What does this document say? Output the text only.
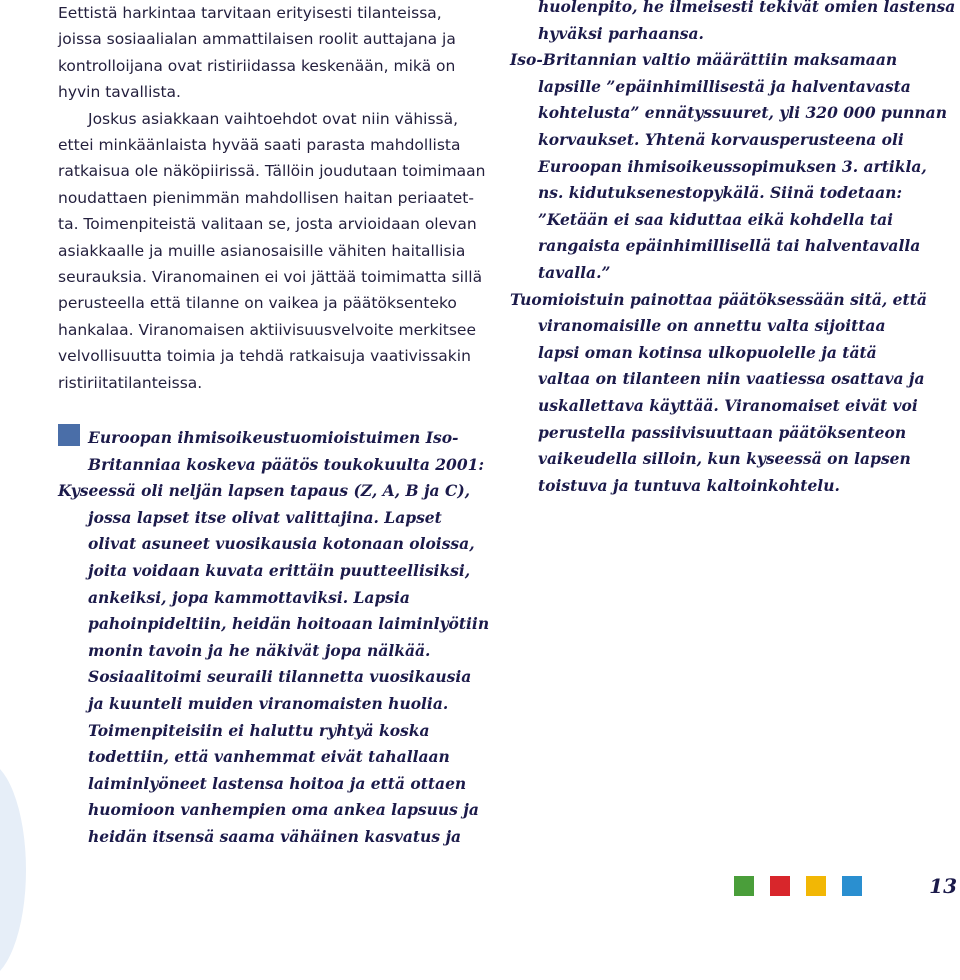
Eettistä harkintaa tarvitaan erityisesti tilanteissa,
joissa sosiaalialan ammattilaisen roolit auttajana ja
kontrolloijana ovat ristiriidassa keskenään, mikä on
hyvin tavallista.

Joskus asiakkaan vaihtoehdot ovat niin vähissä,

ettei minkäänlaista hyvää saati parasta mahdollista
ratkaisua ole näköpiirissä. Tällöin joudutaan toimimaan
noudattaen pienimmän mahdollisen haitan periaatet-
ta. Toimenpiteistä valitaan se, josta arvioidaan olevan
asiakkaalle ja muille asianosaisille vähiten haitallisia
seurauksia. Viranomainen ei voi jättää toimimatta sillä
perusteella että tilanne on vaikea ja päätöksenteko
hankalaa. Viranomaisen aktiivisuusvelvoite merkitsee
velvollisuutta toimia ja tehdä ratkaisuja vaativissakin
ristiriitatilanteissa.

Euroopan ihmisoikeustuomioistuimen Iso-
Britanniaa koskeva päätös toukokuulta 2001:
Kyseessä oli neljän lapsen tapaus (Z, A, B ja C),
jossa lapset itse olivat valittajina. Lapset
olivat asuneet vuosikausia kotonaan oloissa,
joita voidaan kuvata erittäin puutteellisiksi,
ankeiksi, jopa kammottaviksi. Lapsia
pahoinpideltiin, heidän hoitoaan laiminlyötiin
monin tavoin ja he näkivät jopa nälkää.
Sosiaalitoimi seuraili tilannetta vuosikausia
ja kuunteli muiden viranomaisten huolia.
Toimenpiteisiin ei haluttu ryhtyä koska
todettiin, että vanhemmat eivät tahallaan
laiminlyöneet lastensa hoitoa ja että ottaen
huomioon vanhempien oma ankea lapsuus ja
heidän itsensä saama vähäinen kasvatus ja
huolenpito, he ilmeisesti tekivät omien lastensa
hyväksi parhaansa.
Iso-Britannian valtio määrättiin maksamaan
lapsille ”epäinhimillisestä ja halventavasta
kohtelusta” ennätyssuuret, yli 320 000 punnan
korvaukset. Yhtenä korvausperusteena oli
Euroopan ihmisoikeussopimuksen 3. artikla,
ns. kidutuksenestopykälä. Siinä todetaan:
”Ketään ei saa kiduttaa eikä kohdella tai
rangaista epäinhimillisellä tai halventavalla
tavalla.”
Tuomioistuin painottaa päätöksessään sitä, että
viranomaisille on annettu valta sijoittaa
lapsi oman kotinsa ulkopuolelle ja tätä
valtaa on tilanteen niin vaatiessa osattava ja
uskallettava käyttää. Viranomaiset eivät voi
perustella passiivisuuttaan päätöksenteon
vaikeudella silloin, kun kyseessä on lapsen
toistuva ja tuntuva kaltoinkohtelu.
13
